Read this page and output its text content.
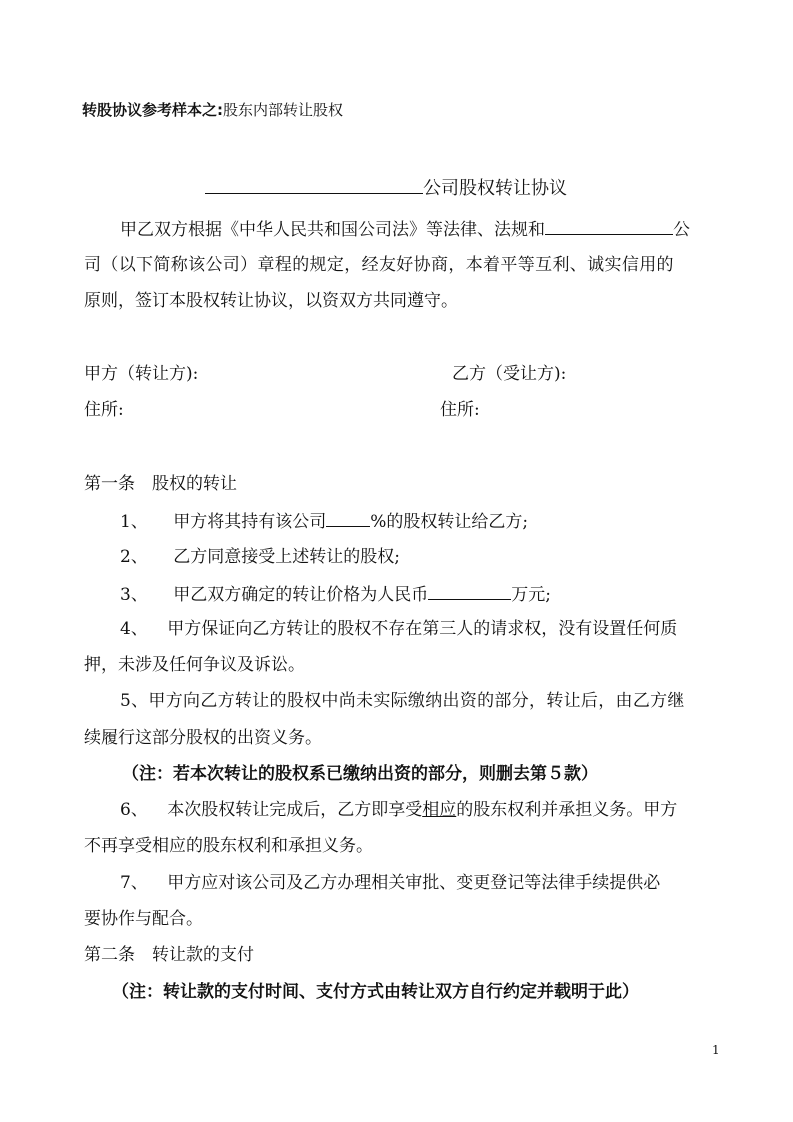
转股协议参考样本之:股东内部转让股权
公司股权转让协议
甲乙双方根据《中华人民共和国公司法》等法律、法规和	公
司（以下简称该公司）章程的规定，经友好协商，本着平等互利、诚实信用的
原则，签订本股权转让协议，以资双方共同遵守。
甲方（转让方):	乙方（受让方):
住所:	住所:
第一条　股权的转让
1、 甲方将其持有该公司	%的股权转让给乙方;
2、 乙方同意接受上述转让的股权;
3、 甲乙双方确定的转让价格为人民币	万元;
4、 甲方保证向乙方转让的股权不存在第三人的请求权，没有设置任何质
押，未涉及任何争议及诉讼。
5、甲方向乙方转让的股权中尚未实际缴纳出资的部分，转让后，由乙方继
续履行这部分股权的出资义务。
（注：若本次转让的股权系已缴纳出资的部分，则删去第５款）
6、 本次股权转让完成后，乙方即享受相应的股东权利并承担义务。甲方
不再享受相应的股东权利和承担义务。
7、 甲方应对该公司及乙方办理相关审批、变更登记等法律手续提供必
要协作与配合。
第二条　转让款的支付
（注：转让款的支付时间、支付方式由转让双方自行约定并载明于此）
1
